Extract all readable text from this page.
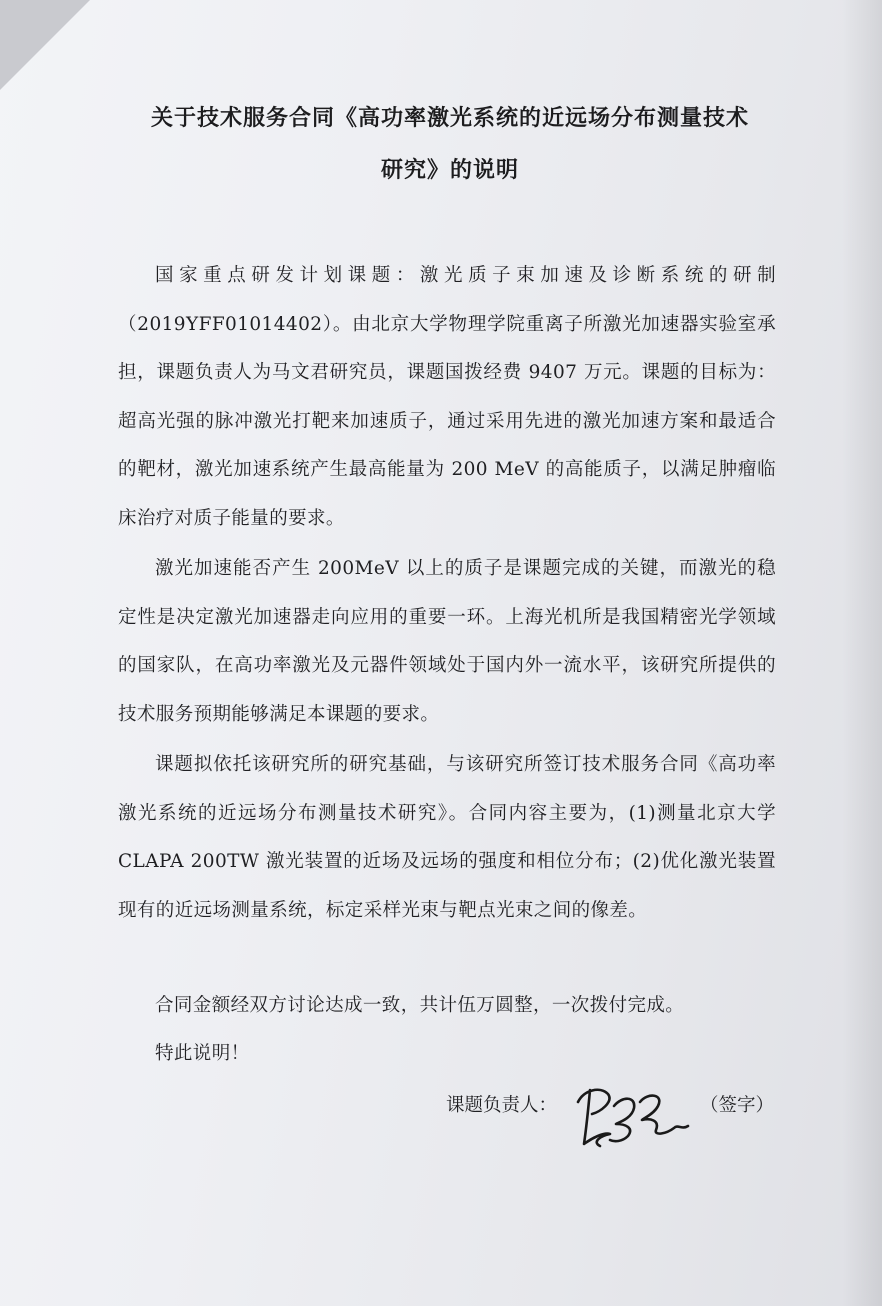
关于技术服务合同《高功率激光系统的近远场分布测量技术
研究》的说明

国家重点研发计划课题：激光质子束加速及诊断系统的研制（2019YFF01014402）。由北京大学物理学院重离子所激光加速器实验室承担，课题负责人为马文君研究员，课题国拨经费 9407 万元。课题的目标为：超高光强的脉冲激光打靶来加速质子，通过采用先进的激光加速方案和最适合的靶材，激光加速系统产生最高能量为 200 MeV 的高能质子，以满足肿瘤临床治疗对质子能量的要求。

激光加速能否产生 200MeV 以上的质子是课题完成的关键，而激光的稳定性是决定激光加速器走向应用的重要一环。上海光机所是我国精密光学领域的国家队，在高功率激光及元器件领域处于国内外一流水平，该研究所提供的技术服务预期能够满足本课题的要求。

课题拟依托该研究所的研究基础，与该研究所签订技术服务合同《高功率激光系统的近远场分布测量技术研究》。合同内容主要为，(1)测量北京大学 CLAPA 200TW 激光装置的近场及远场的强度和相位分布；(2)优化激光装置现有的近远场测量系统，标定采样光束与靶点光束之间的像差。

合同金额经双方讨论达成一致，共计伍万圆整，一次拨付完成。

特此说明！

课题负责人：	（签字）
